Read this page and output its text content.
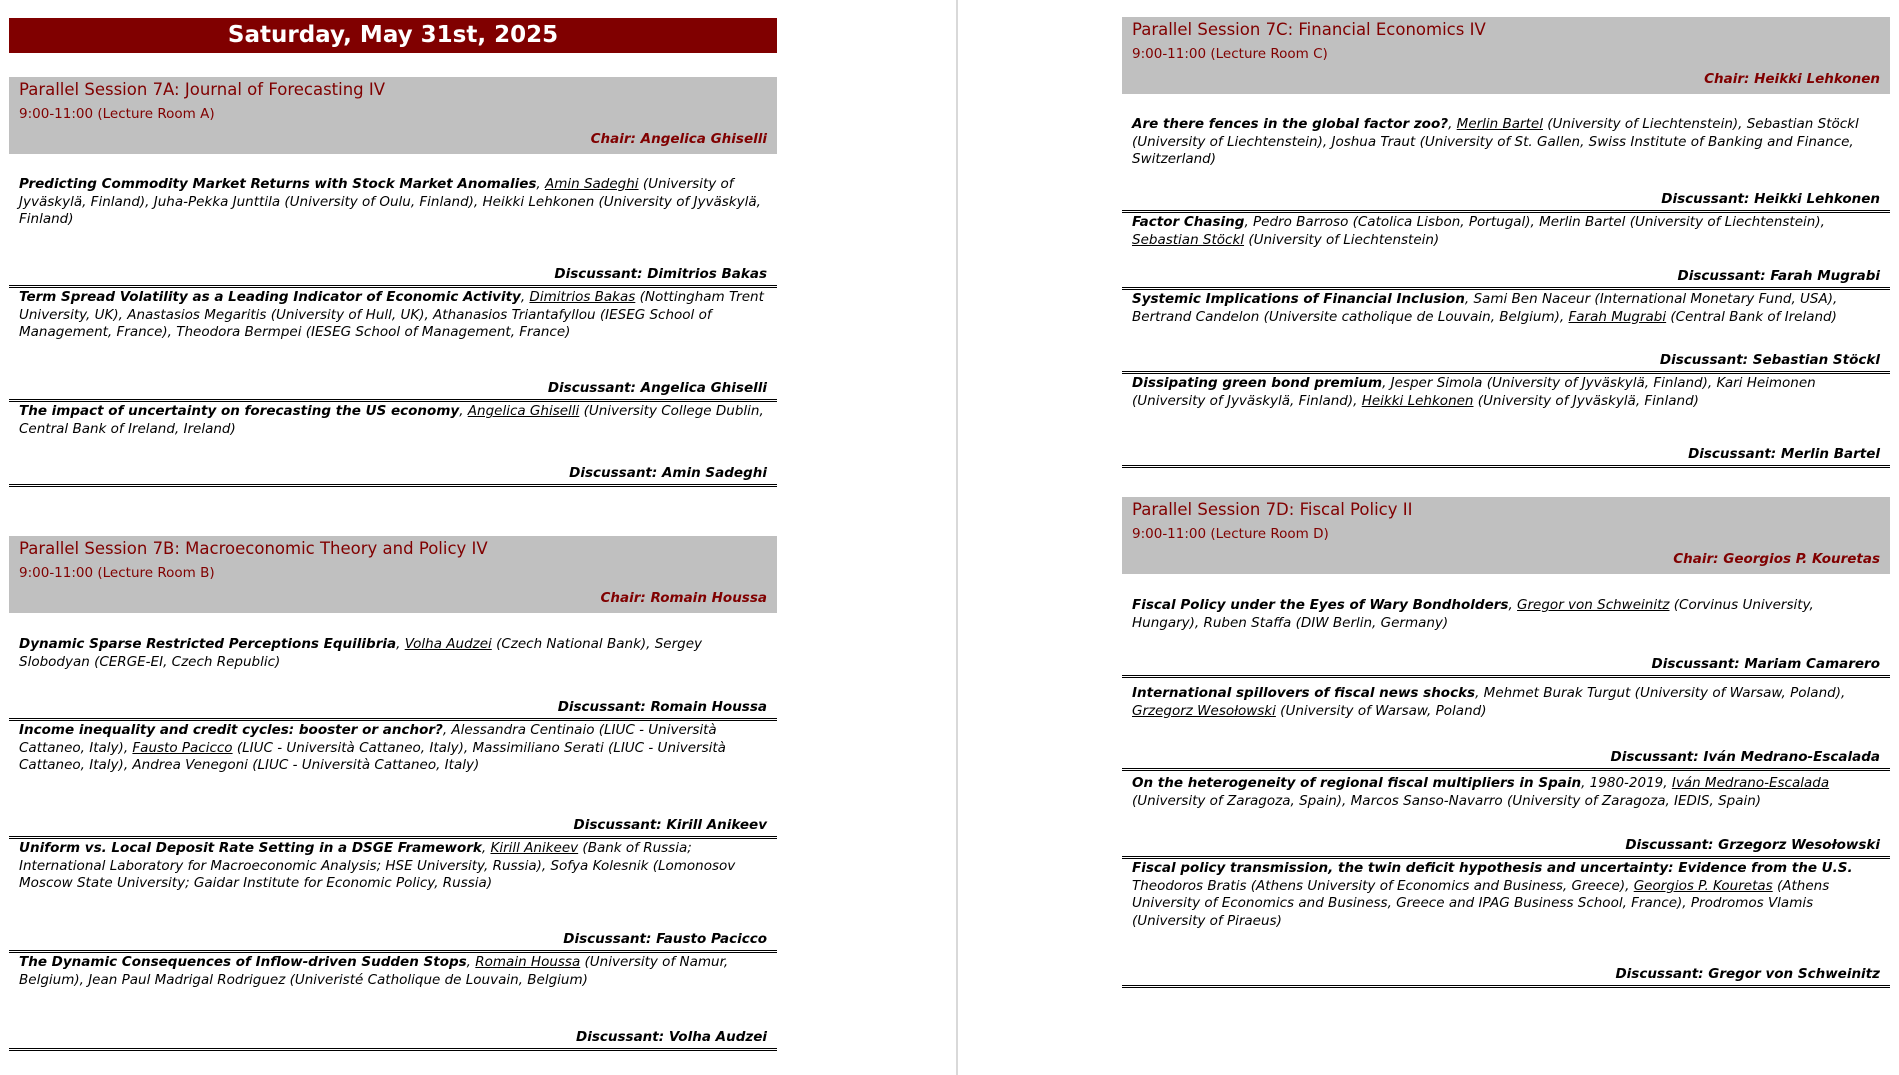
Saturday, May 31st, 2025
Parallel Session 7A: Journal of Forecasting IV
9:00-11:00 (Lecture Room A)
Chair: Angelica Ghiselli
Predicting Commodity Market Returns with Stock Market Anomalies, Amin Sadeghi (University of Jyväskylä, Finland), Juha-Pekka Junttila (University of Oulu, Finland), Heikki Lehkonen (University of Jyväskylä, Finland)
Discussant: Dimitrios Bakas
Term Spread Volatility as a Leading Indicator of Economic Activity, Dimitrios Bakas (Nottingham Trent University, UK), Anastasios Megaritis (University of Hull, UK), Athanasios Triantafyllou (IESEG School of Management, France), Theodora Bermpei (IESEG School of Management, France)
Discussant: Angelica Ghiselli
The impact of uncertainty on forecasting the US economy, Angelica Ghiselli (University College Dublin, Central Bank of Ireland, Ireland)
Discussant: Amin Sadeghi
Parallel Session 7B: Macroeconomic Theory and Policy IV
9:00-11:00 (Lecture Room B)
Chair: Romain Houssa
Dynamic Sparse Restricted Perceptions Equilibria, Volha Audzei (Czech National Bank), Sergey Slobodyan (CERGE-EI, Czech Republic)
Discussant: Romain Houssa
Income inequality and credit cycles: booster or anchor?, Alessandra Centinaio (LIUC - Università Cattaneo, Italy), Fausto Pacicco (LIUC - Università Cattaneo, Italy), Massimiliano Serati (LIUC - Università Cattaneo, Italy), Andrea Venegoni (LIUC - Università Cattaneo, Italy)
Discussant: Kirill Anikeev
Uniform vs. Local Deposit Rate Setting in a DSGE Framework, Kirill Anikeev (Bank of Russia; International Laboratory for Macroeconomic Analysis; HSE University, Russia), Sofya Kolesnik (Lomonosov Moscow State University; Gaidar Institute for Economic Policy, Russia)
Discussant: Fausto Pacicco
The Dynamic Consequences of Inflow-driven Sudden Stops, Romain Houssa (University of Namur, Belgium), Jean Paul Madrigal Rodriguez (Univeristé Catholique de Louvain, Belgium)
Discussant: Volha Audzei
Parallel Session 7C: Financial Economics IV
9:00-11:00 (Lecture Room C)
Chair: Heikki Lehkonen
Are there fences in the global factor zoo?, Merlin Bartel (University of Liechtenstein), Sebastian Stöckl (University of Liechtenstein), Joshua Traut (University of St. Gallen, Swiss Institute of Banking and Finance, Switzerland)
Discussant: Heikki Lehkonen
Factor Chasing, Pedro Barroso (Catolica Lisbon, Portugal), Merlin Bartel (University of Liechtenstein), Sebastian Stöckl (University of Liechtenstein)
Discussant: Farah Mugrabi
Systemic Implications of Financial Inclusion, Sami Ben Naceur (International Monetary Fund, USA), Bertrand Candelon (Universite catholique de Louvain, Belgium), Farah Mugrabi (Central Bank of Ireland)
Discussant: Sebastian Stöckl
Dissipating green bond premium, Jesper Simola (University of Jyväskylä, Finland), Kari Heimonen (University of Jyväskylä, Finland), Heikki Lehkonen (University of Jyväskylä, Finland)
Discussant: Merlin Bartel
Parallel Session 7D: Fiscal Policy II
9:00-11:00 (Lecture Room D)
Chair: Georgios P. Kouretas
Fiscal Policy under the Eyes of Wary Bondholders, Gregor von Schweinitz (Corvinus University, Hungary), Ruben Staffa (DIW Berlin, Germany)
Discussant: Mariam Camarero
International spillovers of fiscal news shocks, Mehmet Burak Turgut (University of Warsaw, Poland), Grzegorz Wesołowski (University of Warsaw, Poland)
Discussant: Iván Medrano-Escalada
On the heterogeneity of regional fiscal multipliers in Spain, 1980-2019, Iván Medrano-Escalada (University of Zaragoza, Spain), Marcos Sanso-Navarro (University of Zaragoza, IEDIS, Spain)
Discussant: Grzegorz Wesołowski
Fiscal policy transmission, the twin deficit hypothesis and uncertainty: Evidence from the U.S. Theodoros Bratis (Athens University of Economics and Business, Greece), Georgios P. Kouretas (Athens University of Economics and Business, Greece and IPAG Business School, France), Prodromos Vlamis (University of Piraeus)
Discussant: Gregor von Schweinitz
